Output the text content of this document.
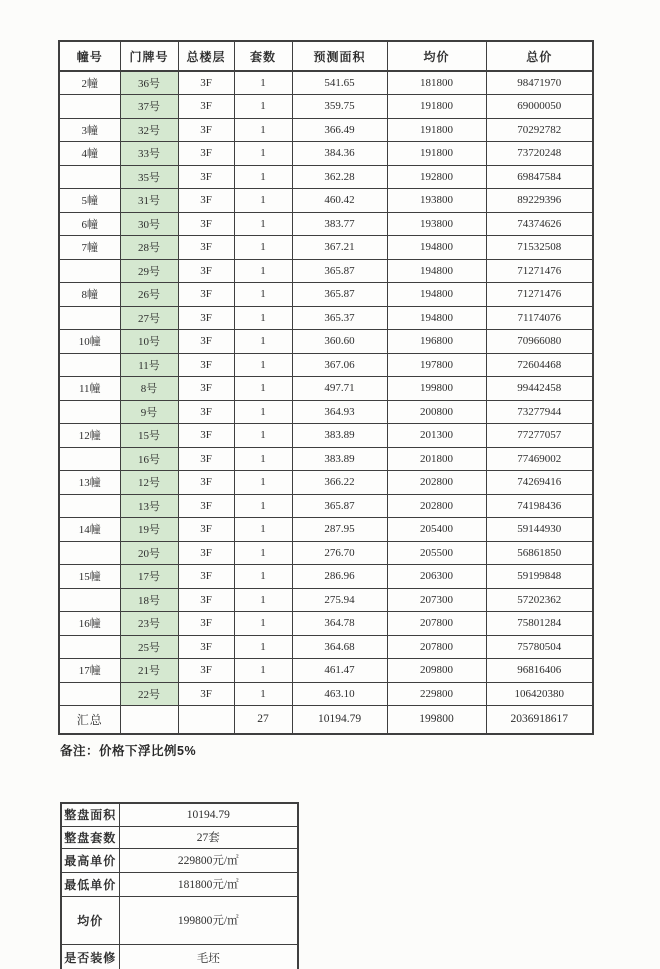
幢号	门牌号	总楼层	套数	预测面积	均价	总价
2幢	36号	3F	1	541.65	181800	98471970
	37号	3F	1	359.75	191800	69000050
3幢	32号	3F	1	366.49	191800	70292782
4幢	33号	3F	1	384.36	191800	73720248
	35号	3F	1	362.28	192800	69847584
5幢	31号	3F	1	460.42	193800	89229396
6幢	30号	3F	1	383.77	193800	74374626
7幢	28号	3F	1	367.21	194800	71532508
	29号	3F	1	365.87	194800	71271476
8幢	26号	3F	1	365.87	194800	71271476
	27号	3F	1	365.37	194800	71174076
10幢	10号	3F	1	360.60	196800	70966080
	11号	3F	1	367.06	197800	72604468
11幢	8号	3F	1	497.71	199800	99442458
	9号	3F	1	364.93	200800	73277944
12幢	15号	3F	1	383.89	201300	77277057
	16号	3F	1	383.89	201800	77469002
13幢	12号	3F	1	366.22	202800	74269416
	13号	3F	1	365.87	202800	74198436
14幢	19号	3F	1	287.95	205400	59144930
	20号	3F	1	276.70	205500	56861850
15幢	17号	3F	1	286.96	206300	59199848
	18号	3F	1	275.94	207300	57202362
16幢	23号	3F	1	364.78	207800	75801284
	25号	3F	1	364.68	207800	75780504
17幢	21号	3F	1	461.47	209800	96816406
	22号	3F	1	463.10	229800	106420380
汇总			27	10194.79	199800	2036918617
备注：价格下浮比例5%
整盘面积	10194.79
整盘套数	27套
最高单价	229800元/㎡
最低单价	181800元/㎡
均价	199800元/㎡
是否装修	毛坯
